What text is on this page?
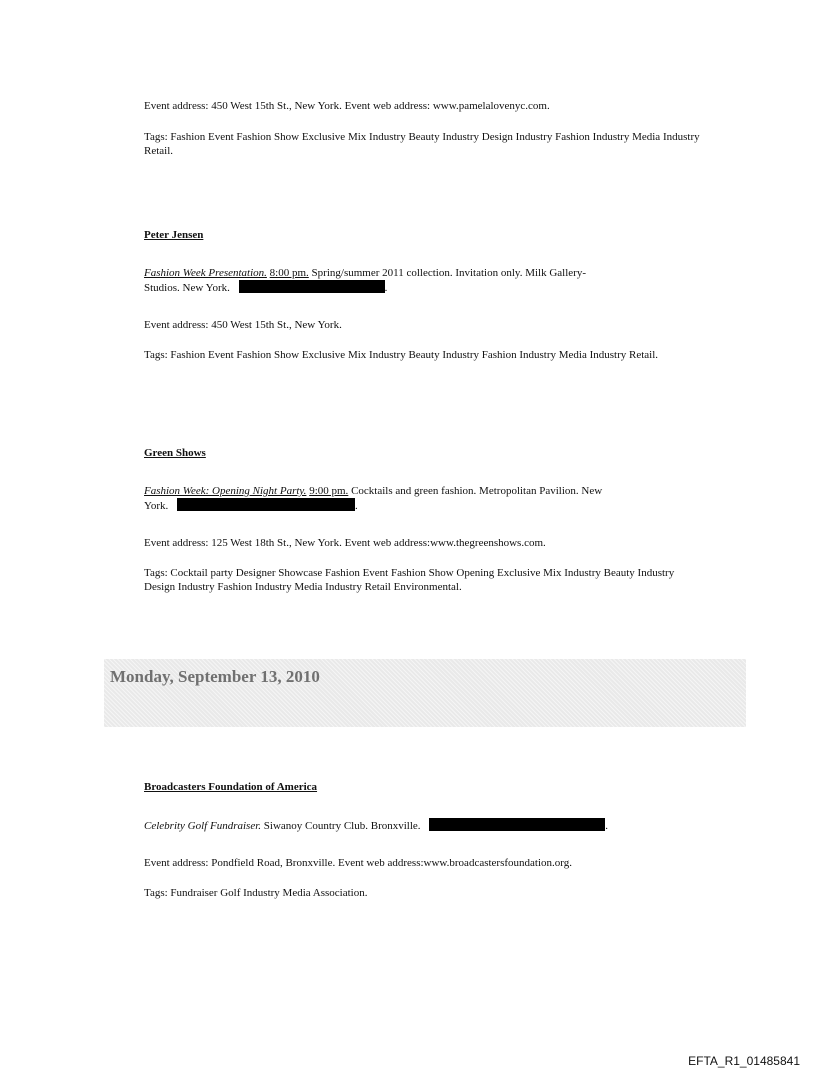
Event address: 450 West 15th St., New York. Event web address: www.pamelalovenyc.com.
Tags: Fashion Event Fashion Show Exclusive Mix Industry Beauty Industry Design Industry Fashion Industry Media Industry Retail.
Peter Jensen
Fashion Week Presentation. 8:00 pm. Spring/summer 2011 collection. Invitation only. Milk Gallery-
Studios. New York.	.
Event address: 450 West 15th St., New York.
Tags: Fashion Event Fashion Show Exclusive Mix Industry Beauty Industry Fashion Industry Media Industry Retail.
Green Shows
Fashion Week: Opening Night Party. 9:00 pm. Cocktails and green fashion. Metropolitan Pavilion. New
York.	.
Event address: 125 West 18th St., New York. Event web address:www.thegreenshows.com.
Tags: Cocktail party Designer Showcase Fashion Event Fashion Show Opening Exclusive Mix Industry Beauty Industry Design Industry Fashion Industry Media Industry Retail Environmental.
Monday, September 13, 2010
Broadcasters Foundation of America
Celebrity Golf Fundraiser. Siwanoy Country Club. Bronxville.	.
Event address: Pondfield Road, Bronxville. Event web address:www.broadcastersfoundation.org.
Tags: Fundraiser Golf Industry Media Association.
EFTA_R1_01485841
